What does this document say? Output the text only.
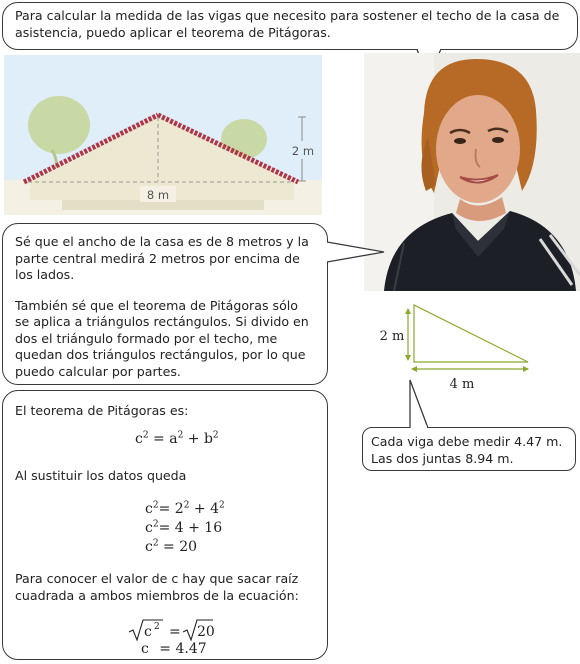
Para calcular la medida de las vigas que necesito para sostener el techo de la casa de asistencia, puedo aplicar el teorema de Pitágoras.

2 m
8 m

Sé que el ancho de la casa es de 8 metros y la parte central medirá 2 metros por encima de los lados.

También sé que el teorema de Pitágoras sólo se aplica a triángulos rectángulos. Si divido en dos el triángulo formado por el techo, me quedan dos triángulos rectángulos, por lo que puedo calcular por partes.

2 m
4 m

Cada viga debe medir 4.47 m.

Las dos juntas 8.94 m.

El teorema de Pitágoras es:

$c^2 = a^2 + b^2$

Al sustituir los datos queda

$c^2= 2^2 + 4^2$
$c^2= 4 + 16$
$c^2 = 20$

Para conocer el valor de c hay que sacar raíz cuadrada a ambos miembros de la ecuación:

c 2 = 20
c = 4.47
